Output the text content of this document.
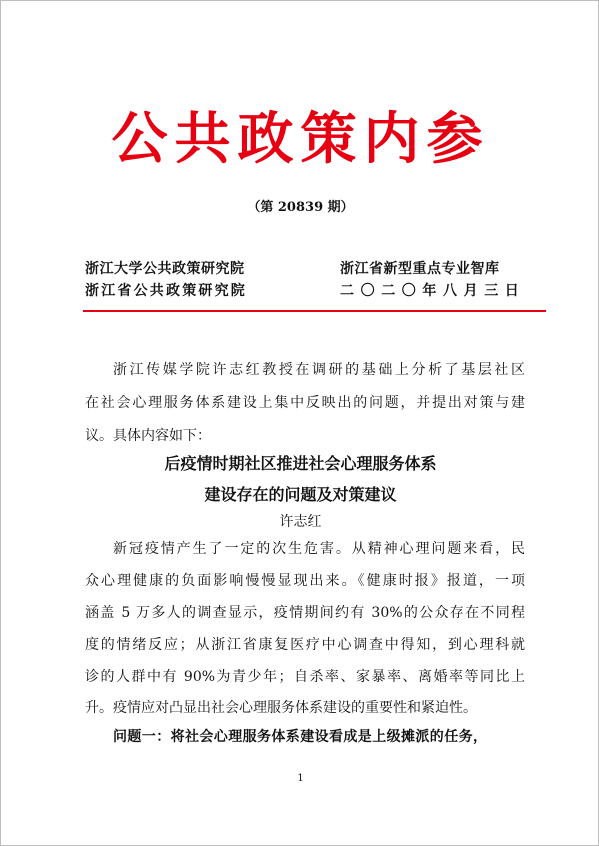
公共政策内参
（第 20839 期）
浙江大学公共政策研究院
浙江省公共政策研究院
浙江省新型重点专业智库
二〇二〇年八月三日
浙江传媒学院许志红教授在调研的基础上分析了基层社区
在社会心理服务体系建设上集中反映出的问题，并提出对策与建
议。具体内容如下：
后疫情时期社区推进社会心理服务体系
建设存在的问题及对策建议
许志红
新冠疫情产生了一定的次生危害。从精神心理问题来看，民
众心理健康的负面影响慢慢显现出来。《健康时报》报道，一项
涵盖 5 万多人的调查显示，疫情期间约有 30%的公众存在不同程
度的情绪反应；从浙江省康复医疗中心调查中得知，到心理科就
诊的人群中有 90%为青少年；自杀率、家暴率、离婚率等同比上
升。疫情应对凸显出社会心理服务体系建设的重要性和紧迫性。
问题一：将社会心理服务体系建设看成是上级摊派的任务，
1
